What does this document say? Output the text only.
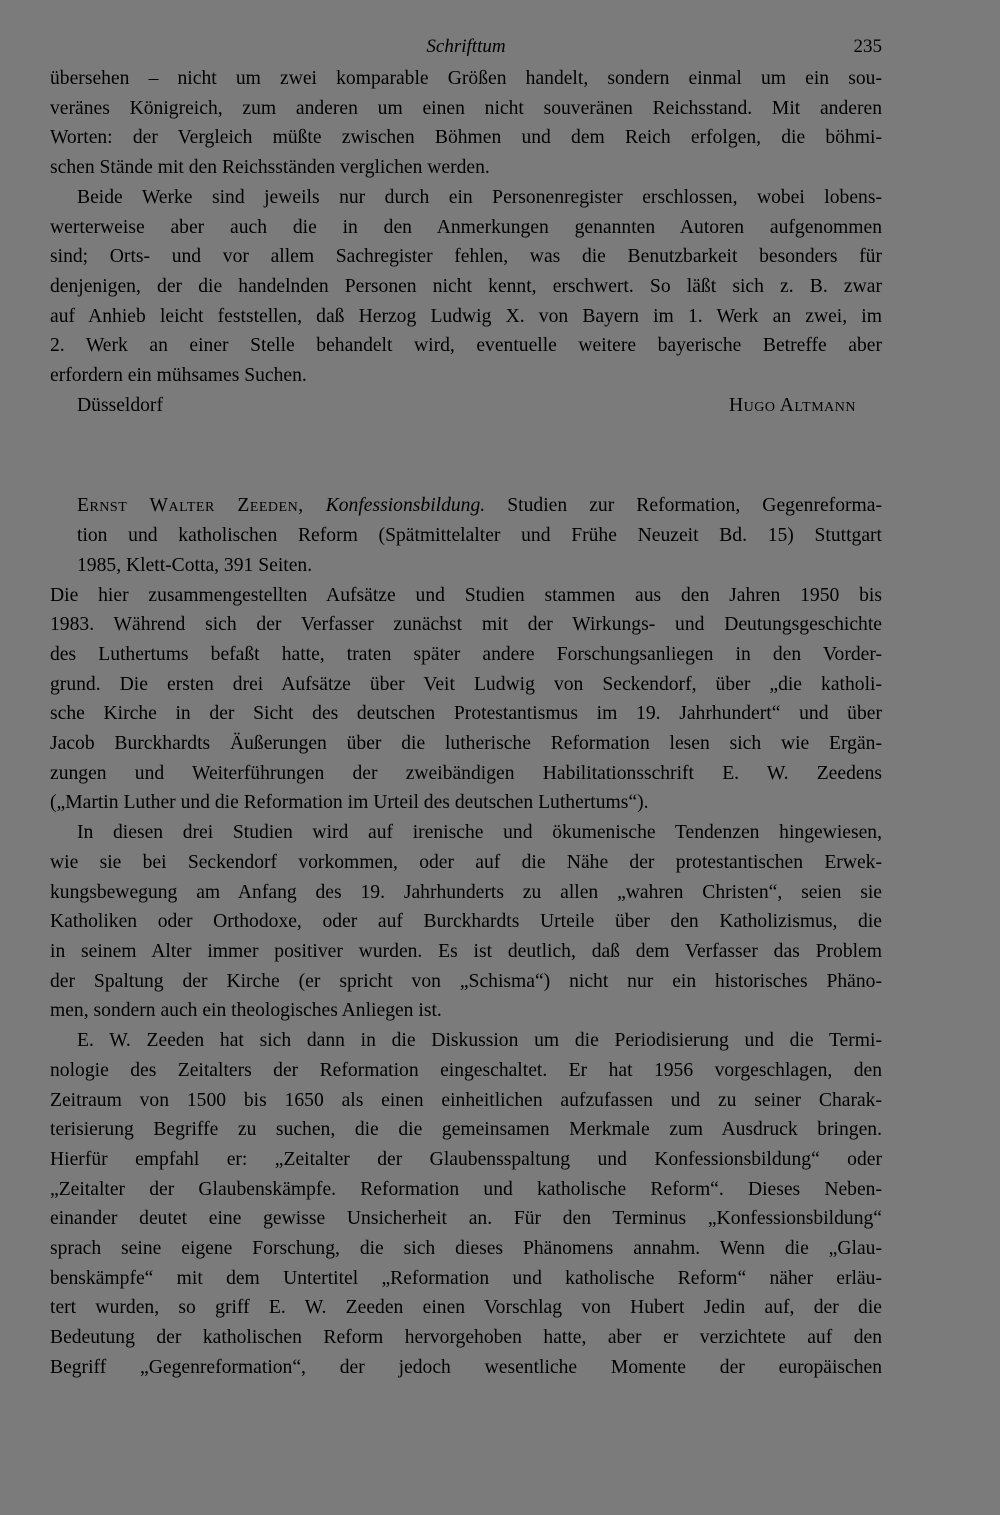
Schrifttum	235

übersehen – nicht um zwei komparable Größen handelt, sondern einmal um ein sou-
veränes Königreich, zum anderen um einen nicht souveränen Reichsstand. Mit anderen
Worten: der Vergleich müßte zwischen Böhmen und dem Reich erfolgen, die böhmi-
schen Stände mit den Reichsständen verglichen werden.

Beide Werke sind jeweils nur durch ein Personenregister erschlossen, wobei lobens-
werterweise aber auch die in den Anmerkungen genannten Autoren aufgenommen
sind; Orts- und vor allem Sachregister fehlen, was die Benutzbarkeit besonders für
denjenigen, der die handelnden Personen nicht kennt, erschwert. So läßt sich z. B. zwar
auf Anhieb leicht feststellen, daß Herzog Ludwig X. von Bayern im 1. Werk an zwei, im
2. Werk an einer Stelle behandelt wird, eventuelle weitere bayerische Betreffe aber
erfordern ein mühsames Suchen.

Düsseldorf	Hugo Altmann
Ernst Walter Zeeden, Konfessionsbildung. Studien zur Reformation, Gegenreforma-
tion und katholischen Reform (Spätmittelalter und Frühe Neuzeit Bd. 15) Stuttgart
1985, Klett-Cotta, 391 Seiten.

Die hier zusammengestellten Aufsätze und Studien stammen aus den Jahren 1950 bis
1983. Während sich der Verfasser zunächst mit der Wirkungs- und Deutungsgeschichte
des Luthertums befaßt hatte, traten später andere Forschungsanliegen in den Vorder-
grund. Die ersten drei Aufsätze über Veit Ludwig von Seckendorf, über „die katholi-
sche Kirche in der Sicht des deutschen Protestantismus im 19. Jahrhundert“ und über
Jacob Burckhardts Äußerungen über die lutherische Reformation lesen sich wie Ergän-
zungen und Weiterführungen der zweibändigen Habilitationsschrift E. W. Zeedens
(„Martin Luther und die Reformation im Urteil des deutschen Luthertums“).

In diesen drei Studien wird auf irenische und ökumenische Tendenzen hingewiesen,
wie sie bei Seckendorf vorkommen, oder auf die Nähe der protestantischen Erwek-
kungsbewegung am Anfang des 19. Jahrhunderts zu allen „wahren Christen“, seien sie
Katholiken oder Orthodoxe, oder auf Burckhardts Urteile über den Katholizismus, die
in seinem Alter immer positiver wurden. Es ist deutlich, daß dem Verfasser das Problem
der Spaltung der Kirche (er spricht von „Schisma“) nicht nur ein historisches Phäno-
men, sondern auch ein theologisches Anliegen ist.

E. W. Zeeden hat sich dann in die Diskussion um die Periodisierung und die Termi-
nologie des Zeitalters der Reformation eingeschaltet. Er hat 1956 vorgeschlagen, den
Zeitraum von 1500 bis 1650 als einen einheitlichen aufzufassen und zu seiner Charak-
terisierung Begriffe zu suchen, die die gemeinsamen Merkmale zum Ausdruck bringen.
Hierfür empfahl er: „Zeitalter der Glaubensspaltung und Konfessionsbildung“ oder
„Zeitalter der Glaubenskämpfe. Reformation und katholische Reform“. Dieses Neben-
einander deutet eine gewisse Unsicherheit an. Für den Terminus „Konfessionsbildung“
sprach seine eigene Forschung, die sich dieses Phänomens annahm. Wenn die „Glau-
benskämpfe“ mit dem Untertitel „Reformation und katholische Reform“ näher erläu-
tert wurden, so griff E. W. Zeeden einen Vorschlag von Hubert Jedin auf, der die
Bedeutung der katholischen Reform hervorgehoben hatte, aber er verzichtete auf den
Begriff „Gegenreformation“, der jedoch wesentliche Momente der europäischen
